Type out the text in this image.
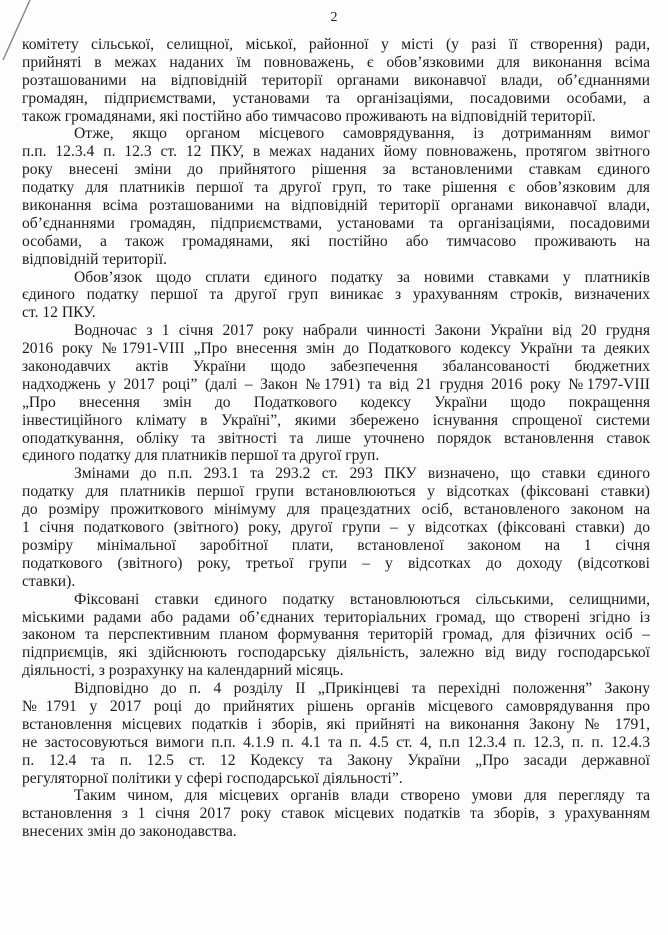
2
комітету сільської, селищної, міської, районної у місті (у разі її створення) ради,
прийняті в межах наданих їм повноважень, є обов’язковими для виконання всіма
розташованими на відповідній території органами виконавчої влади, об’єднаннями
громадян, підприємствами, установами та організаціями, посадовими особами, а
також громадянами, які постійно або тимчасово проживають на відповідній території.
Отже, якщо органом місцевого самоврядування, із дотриманням вимог
п.п. 12.3.4 п. 12.3 ст. 12 ПКУ, в межах наданих йому повноважень, протягом звітного
року внесені зміни до прийнятого рішення за встановленими ставкам єдиного
податку для платників першої та другої груп, то таке рішення є обов’язковим для
виконання всіма розташованими на відповідній території органами виконавчої влади,
об’єднаннями громадян, підприємствами, установами та організаціями, посадовими
особами, а також громадянами, які постійно або тимчасово проживають на
відповідній території.
Обов’язок щодо сплати єдиного податку за новими ставками у платників
єдиного податку першої та другої груп виникає з урахуванням строків, визначених
ст. 12 ПКУ.
Водночас з 1 січня 2017 року набрали чинності Закони України від 20 грудня
2016 року №1791-VIII „Про внесення змін до Податкового кодексу України та деяких
законодавчих актів України щодо забезпечення збалансованості бюджетних
надходжень у 2017 році” (далі – Закон №1791) та від 21 грудня 2016 року №1797-VIII
„Про внесення змін до Податкового кодексу України щодо покращення
інвестиційного клімату в Україні”, якими збережено існування спрощеної системи
оподаткування, обліку та звітності та лише уточнено порядок встановлення ставок
єдиного податку для платників першої та другої груп.
Змінами до п.п. 293.1 та 293.2 ст. 293 ПКУ визначено, що ставки єдиного
податку для платників першої групи встановлюються у відсотках (фіксовані ставки)
до розміру прожиткового мінімуму для працездатних осіб, встановленого законом на
1 січня податкового (звітного) року, другої групи – у відсотках (фіксовані ставки) до
розміру мінімальної заробітної плати, встановленої законом на 1 січня
податкового (звітного) року, третьої групи – у відсотках до доходу (відсоткові
ставки).
Фіксовані ставки єдиного податку встановлюються сільськими, селищними,
міськими радами або радами об’єднаних територіальних громад, що створені згідно із
законом та перспективним планом формування територій громад, для фізичних осіб –
підприємців, які здійснюють господарську діяльність, залежно від виду господарської
діяльності, з розрахунку на календарний місяць.
Відповідно до п. 4 розділу ІІ „Прикінцеві та перехідні положення” Закону
№1791 у 2017 році до прийнятих рішень органів місцевого самоврядування про
встановлення місцевих податків і зборів, які прийняті на виконання Закону № 1791,
не застосовуються вимоги п.п. 4.1.9 п. 4.1 та п. 4.5 ст. 4, п.п 12.3.4 п. 12.3, п. п. 12.4.3
п. 12.4 та п. 12.5 ст. 12 Кодексу та Закону України „Про засади державної
регуляторної політики у сфері господарської діяльності”.
Таким чином, для місцевих органів влади створено умови для перегляду та
встановлення з 1 січня 2017 року ставок місцевих податків та зборів, з урахуванням
внесених змін до законодавства.
